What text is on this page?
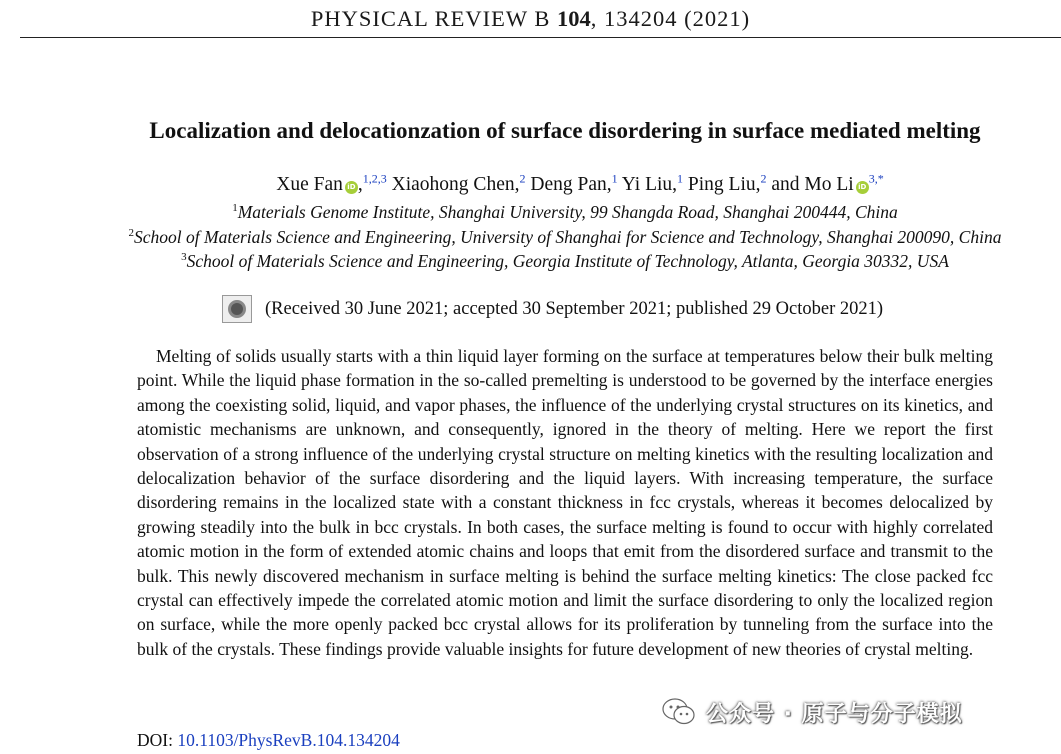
PHYSICAL REVIEW B 104, 134204 (2021)
Localization and delocationzation of surface disordering in surface mediated melting
Xue Fan iD ,$^{1,2,3}$ Xiaohong Chen,$^2$ Deng Pan,$^1$ Yi Liu,$^1$ Ping Liu,$^2$ and Mo Li $iD^{3,*}$
$^1$Materials Genome Institute, Shanghai University, 99 Shangda Road, Shanghai 200444, China
$^2$School of Materials Science and Engineering, University of Shanghai for Science and Technology, Shanghai 200090, China
$^3$School of Materials Science and Engineering, Georgia Institute of Technology, Atlanta, Georgia 30332, USA
(Received 30 June 2021; accepted 30 September 2021; published 29 October 2021)

Melting of solids usually starts with a thin liquid layer forming on the surface at temperatures below their bulk melting point. While the liquid phase formation in the so-called premelting is understood to be governed by the interface energies among the coexisting solid, liquid, and vapor phases, the influence of the underlying crystal structures on its kinetics, and atomistic mechanisms are unknown, and consequently, ignored in the theory of melting. Here we report the first observation of a strong influence of the underlying crystal structure on melting kinetics with the resulting localization and delocalization behavior of the surface disordering and the liquid layers. With increasing temperature, the surface disordering remains in the localized state with a constant thickness in fcc crystals, whereas it becomes delocalized by growing steadily into the bulk in bcc crystals. In both cases, the surface melting is found to occur with highly correlated atomic motion in the form of extended atomic chains and loops that emit from the disordered surface and transmit to the bulk. This newly discovered mechanism in surface melting is behind the surface melting kinetics: The close packed fcc crystal can effectively impede the correlated atomic motion and limit the surface disordering to only the localized region on surface, while the more openly packed bcc crystal allows for its proliferation by tunneling from the surface into the bulk of the crystals. These findings provide valuable insights for future development of new theories of crystal melting.

公众号 · 原子与分子模拟
DOI: 10.1103/PhysRevB.104.134204
